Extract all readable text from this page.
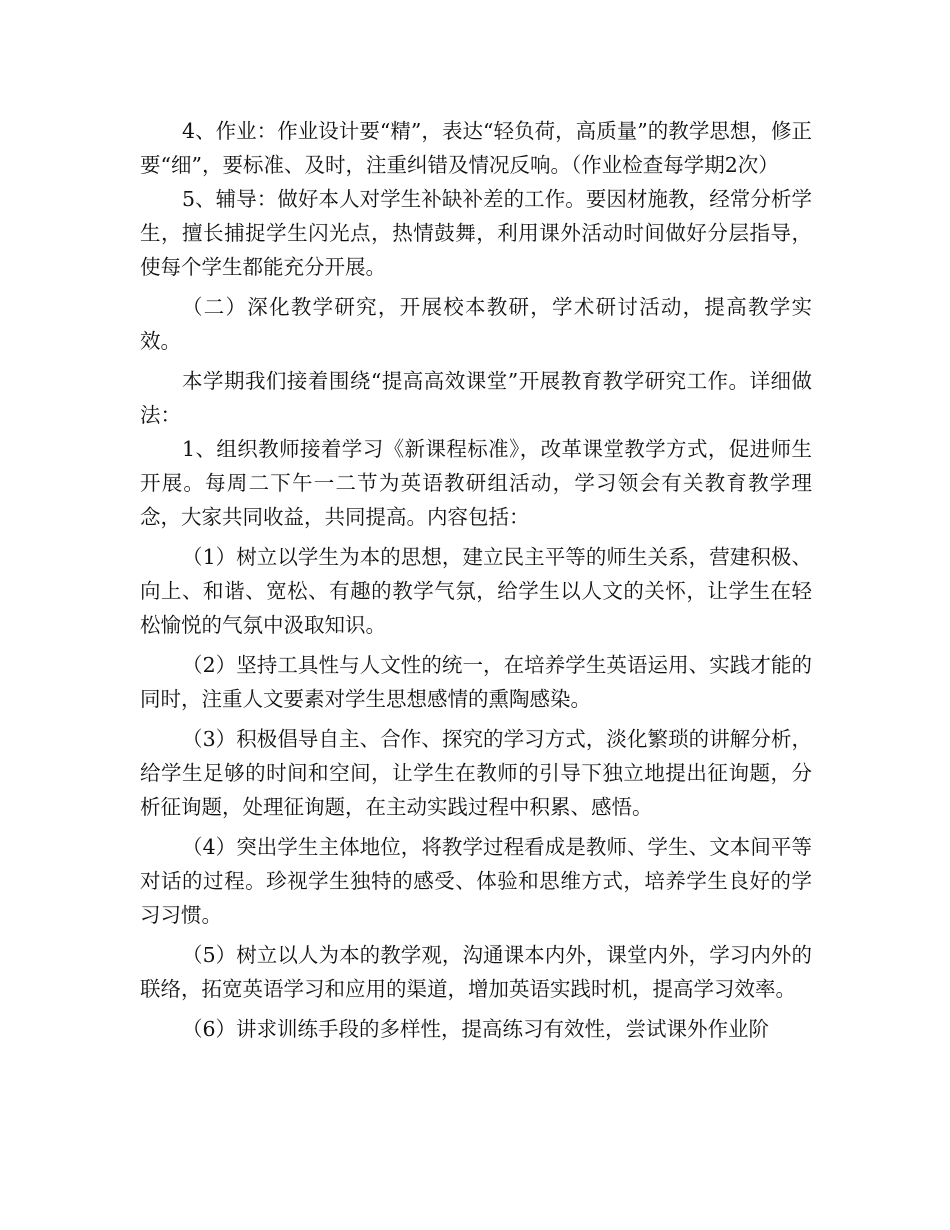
4、作业：作业设计要“精”，表达“轻负荷，高质量”的教学思想，修正要“细”，要标准、及时，注重纠错及情况反响。（作业检查每学期2次）

5、辅导：做好本人对学生补缺补差的工作。要因材施教，经常分析学生，擅长捕捉学生闪光点，热情鼓舞，利用课外活动时间做好分层指导，使每个学生都能充分开展。

（二）深化教学研究，开展校本教研，学术研讨活动，提高教学实效。

本学期我们接着围绕“提高高效课堂”开展教育教学研究工作。详细做法：

1、组织教师接着学习《新课程标准》，改革课堂教学方式，促进师生开展。每周二下午一二节为英语教研组活动，学习领会有关教育教学理念，大家共同收益，共同提高。内容包括：

（1）树立以学生为本的思想，建立民主平等的师生关系，营建积极、向上、和谐、宽松、有趣的教学气氛，给学生以人文的关怀，让学生在轻松愉悦的气氛中汲取知识。

（2）坚持工具性与人文性的统一，在培养学生英语运用、实践才能的同时，注重人文要素对学生思想感情的熏陶感染。

（3）积极倡导自主、合作、探究的学习方式，淡化繁琐的讲解分析，给学生足够的时间和空间，让学生在教师的引导下独立地提出征询题，分析征询题，处理征询题，在主动实践过程中积累、感悟。

（4）突出学生主体地位，将教学过程看成是教师、学生、文本间平等对话的过程。珍视学生独特的感受、体验和思维方式，培养学生良好的学习习惯。

（5）树立以人为本的教学观，沟通课本内外，课堂内外，学习内外的联络，拓宽英语学习和应用的渠道，增加英语实践时机，提高学习效率。

（6）讲求训练手段的多样性，提高练习有效性，尝试课外作业阶
